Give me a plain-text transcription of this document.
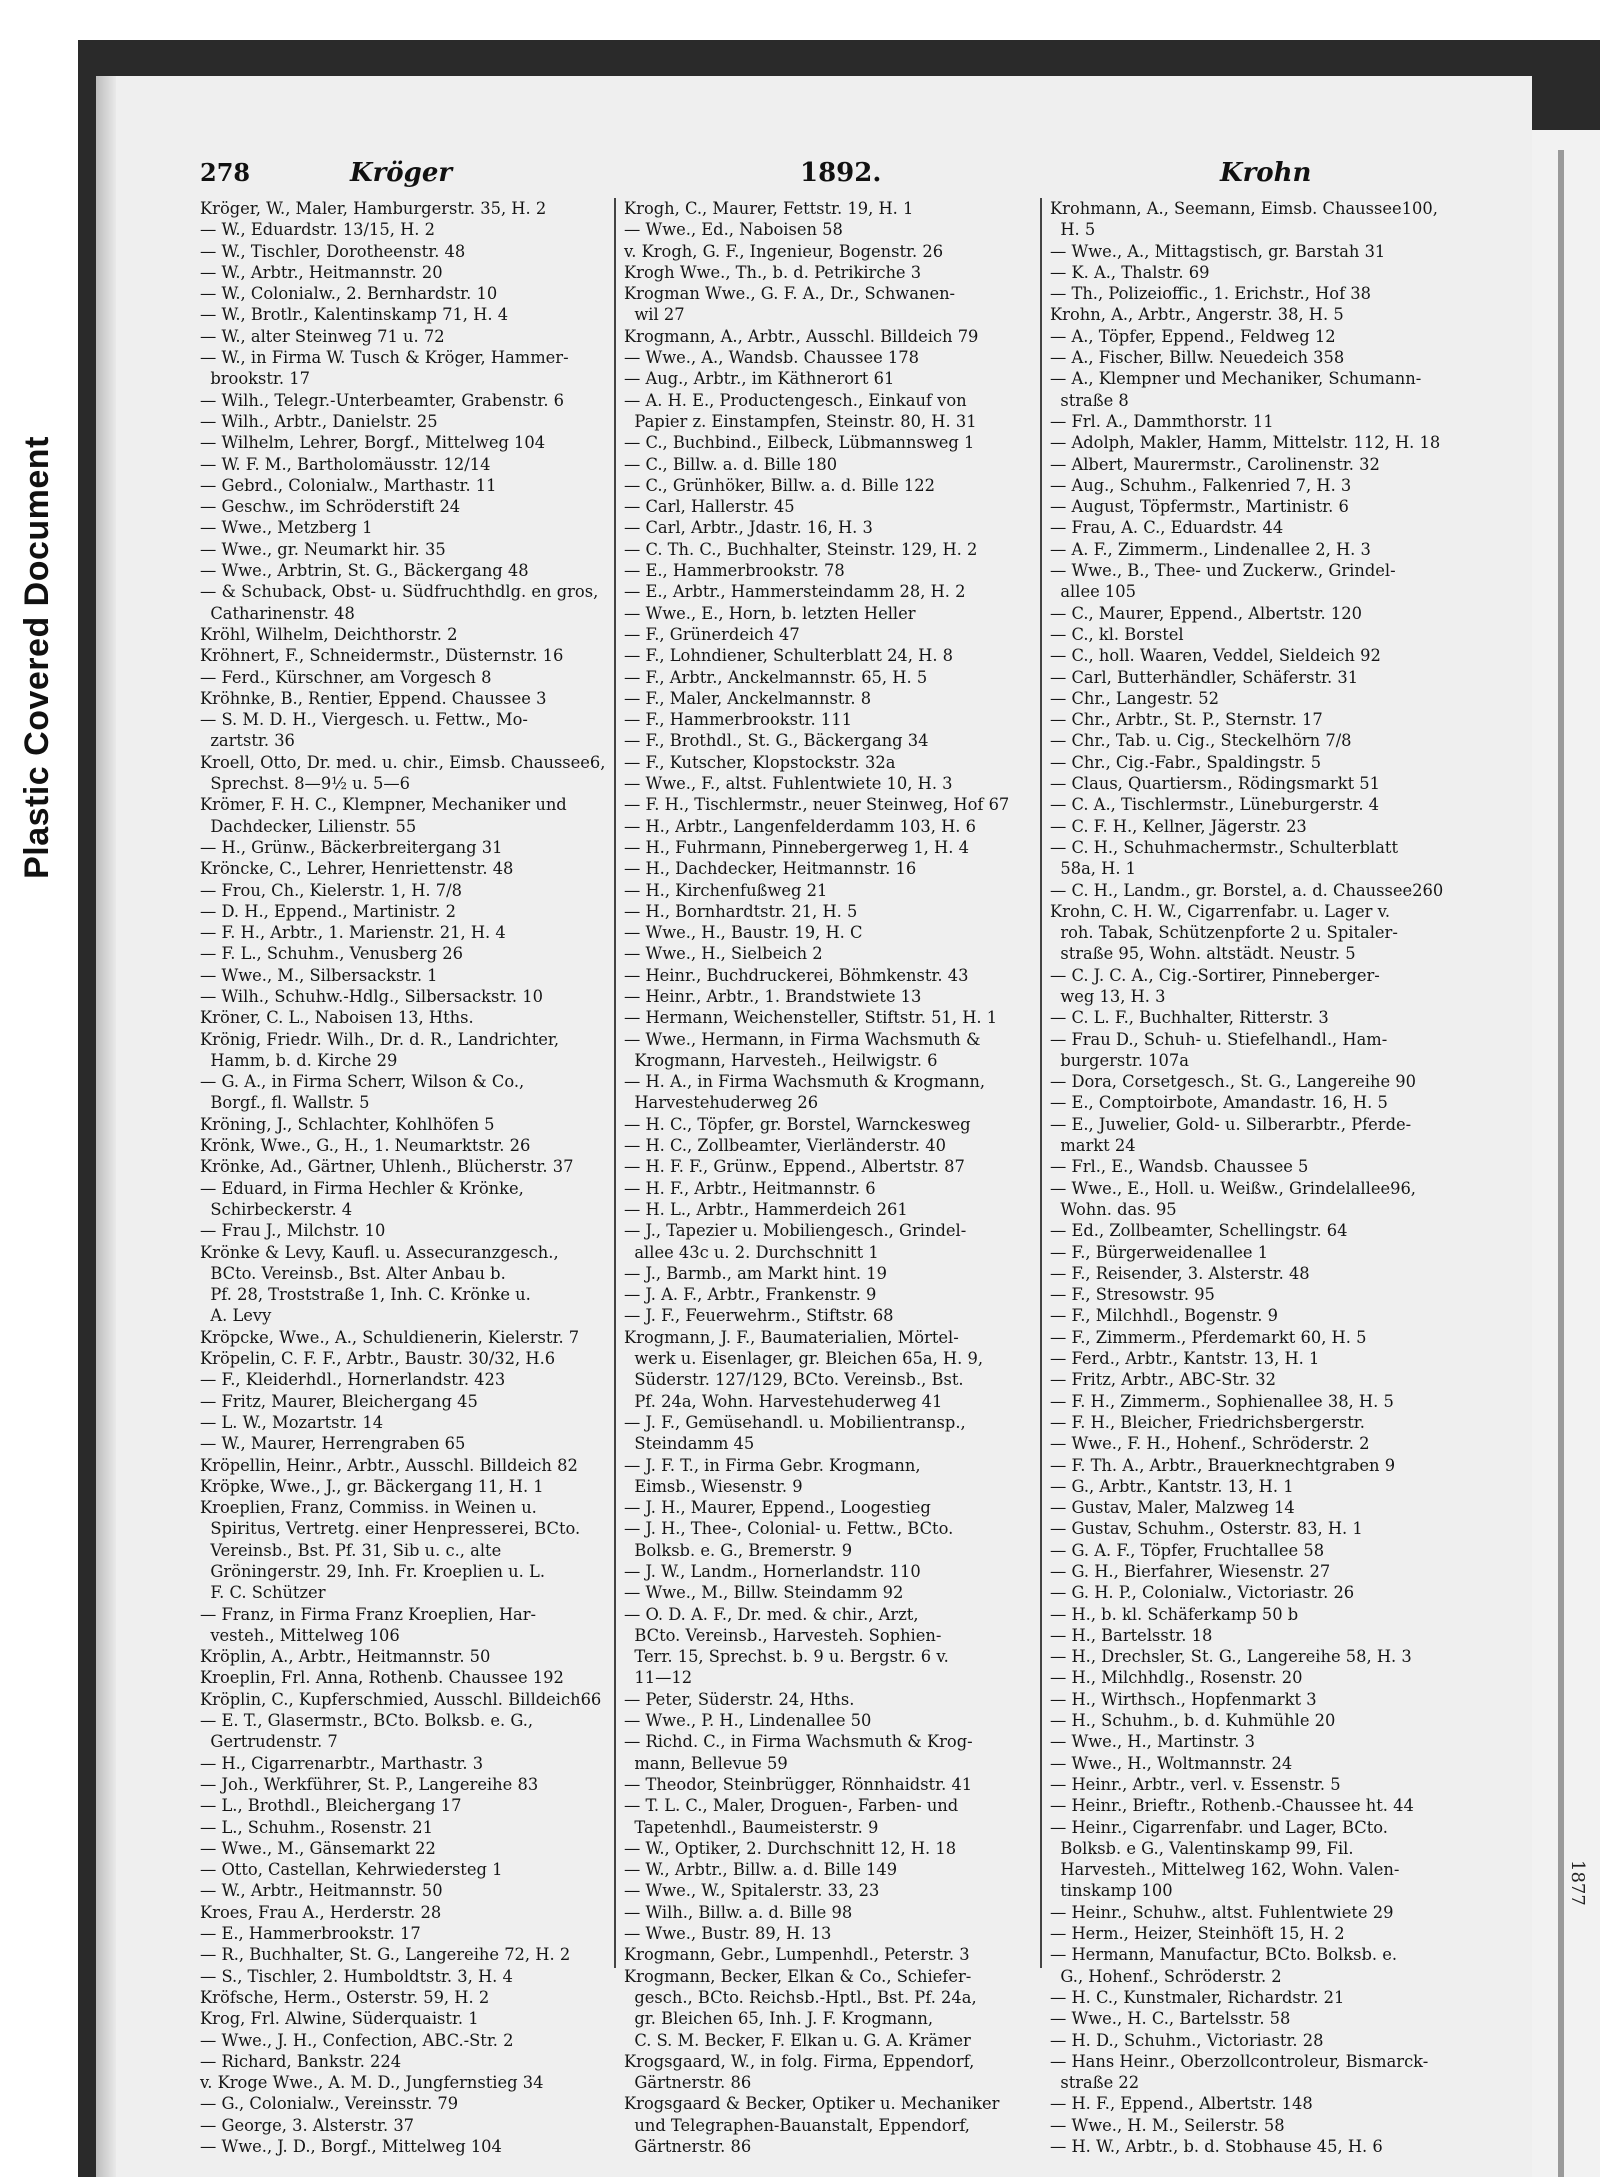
Plastic Covered Document
278	Kröger	1892.	Krohn
Kröger, W., Maler, Hamburgerstr. 35, H. 2
— W., Eduardstr. 13/15, H. 2
— W., Tischler, Dorotheenstr. 48
— W., Arbtr., Heitmannstr. 20
— W., Colonialw., 2. Bernhardstr. 10
— W., Brotlr., Kalentinskamp 71, H. 4
— W., alter Steinweg 71 u. 72
— W., in Firma W. Tusch & Kröger, Hammer-
brookstr. 17
— Wilh., Telegr.-Unterbeamter, Grabenstr. 6
— Wilh., Arbtr., Danielstr. 25
— Wilhelm, Lehrer, Borgf., Mittelweg 104
— W. F. M., Bartholomäusstr. 12/14
— Gebrd., Colonialw., Marthastr. 11
— Geschw., im Schröderstift 24
— Wwe., Metzberg 1
— Wwe., gr. Neumarkt hir. 35
— Wwe., Arbtrin, St. G., Bäckergang 48
— & Schuback, Obst- u. Südfruchthdlg. en gros,
Catharinenstr. 48
Kröhl, Wilhelm, Deichthorstr. 2
Kröhnert, F., Schneidermstr., Düsternstr. 16
— Ferd., Kürschner, am Vorgesch 8
Kröhnke, B., Rentier, Eppend. Chaussee 3
— S. M. D. H., Viergesch. u. Fettw., Mo-
zartstr. 36
Kroell, Otto, Dr. med. u. chir., Eimsb. Chaussee6,
Sprechst. 8—9½ u. 5—6
Krömer, F. H. C., Klempner, Mechaniker und
Dachdecker, Lilienstr. 55
— H., Grünw., Bäckerbreitergang 31
Kröncke, C., Lehrer, Henriettenstr. 48
— Frou, Ch., Kielerstr. 1, H. 7/8
— D. H., Eppend., Martinistr. 2
— F. H., Arbtr., 1. Marienstr. 21, H. 4
— F. L., Schuhm., Venusberg 26
— Wwe., M., Silbersackstr. 1
— Wilh., Schuhw.-Hdlg., Silbersackstr. 10
Kröner, C. L., Naboisen 13, Hths.
Krönig, Friedr. Wilh., Dr. d. R., Landrichter,
Hamm, b. d. Kirche 29
— G. A., in Firma Scherr, Wilson & Co.,
Borgf., fl. Wallstr. 5
Kröning, J., Schlachter, Kohlhöfen 5
Krönk, Wwe., G., H., 1. Neumarktstr. 26
Krönke, Ad., Gärtner, Uhlenh., Blücherstr. 37
— Eduard, in Firma Hechler & Krönke,
Schirbeckerstr. 4
— Frau J., Milchstr. 10
Krönke & Levy, Kaufl. u. Assecuranzgesch.,
BCto. Vereinsb., Bst. Alter Anbau b.
Pf. 28, Troststraße 1, Inh. C. Krönke u.
A. Levy
Kröpcke, Wwe., A., Schuldienerin, Kielerstr. 7
Kröpelin, C. F. F., Arbtr., Baustr. 30/32, H.6
— F., Kleiderhdl., Hornerlandstr. 423
— Fritz, Maurer, Bleichergang 45
— L. W., Mozartstr. 14
— W., Maurer, Herrengraben 65
Kröpellin, Heinr., Arbtr., Ausschl. Billdeich 82
Kröpke, Wwe., J., gr. Bäckergang 11, H. 1
Kroeplien, Franz, Commiss. in Weinen u.
Spiritus, Vertretg. einer Henpresserei, BCto.
Vereinsb., Bst. Pf. 31, Sib u. c., alte
Gröningerstr. 29, Inh. Fr. Kroeplien u. L.
F. C. Schützer
— Franz, in Firma Franz Kroeplien, Har-
vesteh., Mittelweg 106
Kröplin, A., Arbtr., Heitmannstr. 50
Kroeplin, Frl. Anna, Rothenb. Chaussee 192
Kröplin, C., Kupferschmied, Ausschl. Billdeich66
— E. T., Glasermstr., BCto. Bolksb. e. G.,
Gertrudenstr. 7
— H., Cigarrenarbtr., Marthastr. 3
— Joh., Werkführer, St. P., Langereihe 83
— L., Brothdl., Bleichergang 17
— L., Schuhm., Rosenstr. 21
— Wwe., M., Gänsemarkt 22
— Otto, Castellan, Kehrwiedersteg 1
— W., Arbtr., Heitmannstr. 50
Kroes, Frau A., Herderstr. 28
— E., Hammerbrookstr. 17
— R., Buchhalter, St. G., Langereihe 72, H. 2
— S., Tischler, 2. Humboldtstr. 3, H. 4
Kröfsche, Herm., Osterstr. 59, H. 2
Krog, Frl. Alwine, Süderquaistr. 1
— Wwe., J. H., Confection, ABC.-Str. 2
— Richard, Bankstr. 224
v. Kroge Wwe., A. M. D., Jungfernstieg 34
— G., Colonialw., Vereinsstr. 79
— George, 3. Alsterstr. 37
— Wwe., J. D., Borgf., Mittelweg 104
Krogh, C., Maurer, Fettstr. 19, H. 1
— Wwe., Ed., Naboisen 58
v. Krogh, G. F., Ingenieur, Bogenstr. 26
Krogh Wwe., Th., b. d. Petrikirche 3
Krogman Wwe., G. F. A., Dr., Schwanen-
wil 27
Krogmann, A., Arbtr., Ausschl. Billdeich 79
— Wwe., A., Wandsb. Chaussee 178
— Aug., Arbtr., im Käthnerort 61
— A. H. E., Productengesch., Einkauf von
Papier z. Einstampfen, Steinstr. 80, H. 31
— C., Buchbind., Eilbeck, Lübmannsweg 1
— C., Billw. a. d. Bille 180
— C., Grünhöker, Billw. a. d. Bille 122
— Carl, Hallerstr. 45
— Carl, Arbtr., Jdastr. 16, H. 3
— C. Th. C., Buchhalter, Steinstr. 129, H. 2
— E., Hammerbrookstr. 78
— E., Arbtr., Hammersteindamm 28, H. 2
— Wwe., E., Horn, b. letzten Heller
— F., Grünerdeich 47
— F., Lohndiener, Schulterblatt 24, H. 8
— F., Arbtr., Anckelmannstr. 65, H. 5
— F., Maler, Anckelmannstr. 8
— F., Hammerbrookstr. 111
— F., Brothdl., St. G., Bäckergang 34
— F., Kutscher, Klopstockstr. 32a
— Wwe., F., altst. Fuhlentwiete 10, H. 3
— F. H., Tischlermstr., neuer Steinweg, Hof 67
— H., Arbtr., Langenfelderdamm 103, H. 6
— H., Fuhrmann, Pinnebergerweg 1, H. 4
— H., Dachdecker, Heitmannstr. 16
— H., Kirchenfußweg 21
— H., Bornhardtstr. 21, H. 5
— Wwe., H., Baustr. 19, H. C
— Wwe., H., Sielbeich 2
— Heinr., Buchdruckerei, Böhmkenstr. 43
— Heinr., Arbtr., 1. Brandstwiete 13
— Hermann, Weichensteller, Stiftstr. 51, H. 1
— Wwe., Hermann, in Firma Wachsmuth &
Krogmann, Harvesteh., Heilwigstr. 6
— H. A., in Firma Wachsmuth & Krogmann,
Harvestehuderweg 26
— H. C., Töpfer, gr. Borstel, Warnckesweg
— H. C., Zollbeamter, Vierländerstr. 40
— H. F. F., Grünw., Eppend., Albertstr. 87
— H. F., Arbtr., Heitmannstr. 6
— H. L., Arbtr., Hammerdeich 261
— J., Tapezier u. Mobiliengesch., Grindel-
allee 43c u. 2. Durchschnitt 1
— J., Barmb., am Markt hint. 19
— J. A. F., Arbtr., Frankenstr. 9
— J. F., Feuerwehrm., Stiftstr. 68
Krogmann, J. F., Baumaterialien, Mörtel-
werk u. Eisenlager, gr. Bleichen 65a, H. 9,
Süderstr. 127/129, BCto. Vereinsb., Bst.
Pf. 24a, Wohn. Harvestehuderweg 41
— J. F., Gemüsehandl. u. Mobilientransp.,
Steindamm 45
— J. F. T., in Firma Gebr. Krogmann,
Eimsb., Wiesenstr. 9
— J. H., Maurer, Eppend., Loogestieg
— J. H., Thee-, Colonial- u. Fettw., BCto.
Bolksb. e. G., Bremerstr. 9
— J. W., Landm., Hornerlandstr. 110
— Wwe., M., Billw. Steindamm 92
— O. D. A. F., Dr. med. & chir., Arzt,
BCto. Vereinsb., Harvesteh. Sophien-
Terr. 15, Sprechst. b. 9 u. Bergstr. 6 v.
11—12
— Peter, Süderstr. 24, Hths.
— Wwe., P. H., Lindenallee 50
— Richd. C., in Firma Wachsmuth & Krog-
mann, Bellevue 59
— Theodor, Steinbrügger, Rönnhaidstr. 41
— T. L. C., Maler, Droguen-, Farben- und
Tapetenhdl., Baumeisterstr. 9
— W., Optiker, 2. Durchschnitt 12, H. 18
— W., Arbtr., Billw. a. d. Bille 149
— Wwe., W., Spitalerstr. 33, 23
— Wilh., Billw. a. d. Bille 98
— Wwe., Bustr. 89, H. 13
Krogmann, Gebr., Lumpenhdl., Peterstr. 3
Krogmann, Becker, Elkan & Co., Schiefer-
gesch., BCto. Reichsb.-Hptl., Bst. Pf. 24a,
gr. Bleichen 65, Inh. J. F. Krogmann,
C. S. M. Becker, F. Elkan u. G. A. Krämer
Krogsgaard, W., in folg. Firma, Eppendorf,
Gärtnerstr. 86
Krogsgaard & Becker, Optiker u. Mechaniker
und Telegraphen-Bauanstalt, Eppendorf,
Gärtnerstr. 86
Krohmann, A., Seemann, Eimsb. Chaussee100,
H. 5
— Wwe., A., Mittagstisch, gr. Barstah 31
— K. A., Thalstr. 69
— Th., Polizeioffic., 1. Erichstr., Hof 38
Krohn, A., Arbtr., Angerstr. 38, H. 5
— A., Töpfer, Eppend., Feldweg 12
— A., Fischer, Billw. Neuedeich 358
— A., Klempner und Mechaniker, Schumann-
straße 8
— Frl. A., Dammthorstr. 11
— Adolph, Makler, Hamm, Mittelstr. 112, H. 18
— Albert, Maurermstr., Carolinenstr. 32
— Aug., Schuhm., Falkenried 7, H. 3
— August, Töpfermstr., Martinistr. 6
— Frau, A. C., Eduardstr. 44
— A. F., Zimmerm., Lindenallee 2, H. 3
— Wwe., B., Thee- und Zuckerw., Grindel-
allee 105
— C., Maurer, Eppend., Albertstr. 120
— C., kl. Borstel
— C., holl. Waaren, Veddel, Sieldeich 92
— Carl, Butterhändler, Schäferstr. 31
— Chr., Langestr. 52
— Chr., Arbtr., St. P., Sternstr. 17
— Chr., Tab. u. Cig., Steckelhörn 7/8
— Chr., Cig.-Fabr., Spaldingstr. 5
— Claus, Quartiersm., Rödingsmarkt 51
— C. A., Tischlermstr., Lüneburgerstr. 4
— C. F. H., Kellner, Jägerstr. 23
— C. H., Schuhmachermstr., Schulterblatt
58a, H. 1
— C. H., Landm., gr. Borstel, a. d. Chaussee260
Krohn, C. H. W., Cigarrenfabr. u. Lager v.
roh. Tabak, Schützenpforte 2 u. Spitaler-
straße 95, Wohn. altstädt. Neustr. 5
— C. J. C. A., Cig.-Sortirer, Pinneberger-
weg 13, H. 3
— C. L. F., Buchhalter, Ritterstr. 3
— Frau D., Schuh- u. Stiefelhandl., Ham-
burgerstr. 107a
— Dora, Corsetgesch., St. G., Langereihe 90
— E., Comptoirbote, Amandastr. 16, H. 5
— E., Juwelier, Gold- u. Silberarbtr., Pferde-
markt 24
— Frl., E., Wandsb. Chaussee 5
— Wwe., E., Holl. u. Weißw., Grindelallee96,
Wohn. das. 95
— Ed., Zollbeamter, Schellingstr. 64
— F., Bürgerweidenallee 1
— F., Reisender, 3. Alsterstr. 48
— F., Stresowstr. 95
— F., Milchhdl., Bogenstr. 9
— F., Zimmerm., Pferdemarkt 60, H. 5
— Ferd., Arbtr., Kantstr. 13, H. 1
— Fritz, Arbtr., ABC-Str. 32
— F. H., Zimmerm., Sophienallee 38, H. 5
— F. H., Bleicher, Friedrichsbergerstr.
— Wwe., F. H., Hohenf., Schröderstr. 2
— F. Th. A., Arbtr., Brauerknechtgraben 9
— G., Arbtr., Kantstr. 13, H. 1
— Gustav, Maler, Malzweg 14
— Gustav, Schuhm., Osterstr. 83, H. 1
— G. A. F., Töpfer, Fruchtallee 58
— G. H., Bierfahrer, Wiesenstr. 27
— G. H. P., Colonialw., Victoriastr. 26
— H., b. kl. Schäferkamp 50 b
— H., Bartelsstr. 18
— H., Drechsler, St. G., Langereihe 58, H. 3
— H., Milchhdlg., Rosenstr. 20
— H., Wirthsch., Hopfenmarkt 3
— H., Schuhm., b. d. Kuhmühle 20
— Wwe., H., Martinstr. 3
— Wwe., H., Woltmannstr. 24
— Heinr., Arbtr., verl. v. Essenstr. 5
— Heinr., Brieftr., Rothenb.-Chaussee ht. 44
— Heinr., Cigarrenfabr. und Lager, BCto.
Bolksb. e G., Valentinskamp 99, Fil.
Harvesteh., Mittelweg 162, Wohn. Valen-
tinskamp 100
— Heinr., Schuhw., altst. Fuhlentwiete 29
— Herm., Heizer, Steinhöft 15, H. 2
— Hermann, Manufactur, BCto. Bolksb. e.
G., Hohenf., Schröderstr. 2
— H. C., Kunstmaler, Richardstr. 21
— Wwe., H. C., Bartelsstr. 58
— H. D., Schuhm., Victoriastr. 28
— Hans Heinr., Oberzollcontroleur, Bismarck-
straße 22
— H. F., Eppend., Albertstr. 148
— Wwe., H. M., Seilerstr. 58
— H. W., Arbtr., b. d. Stobhause 45, H. 6
1877
